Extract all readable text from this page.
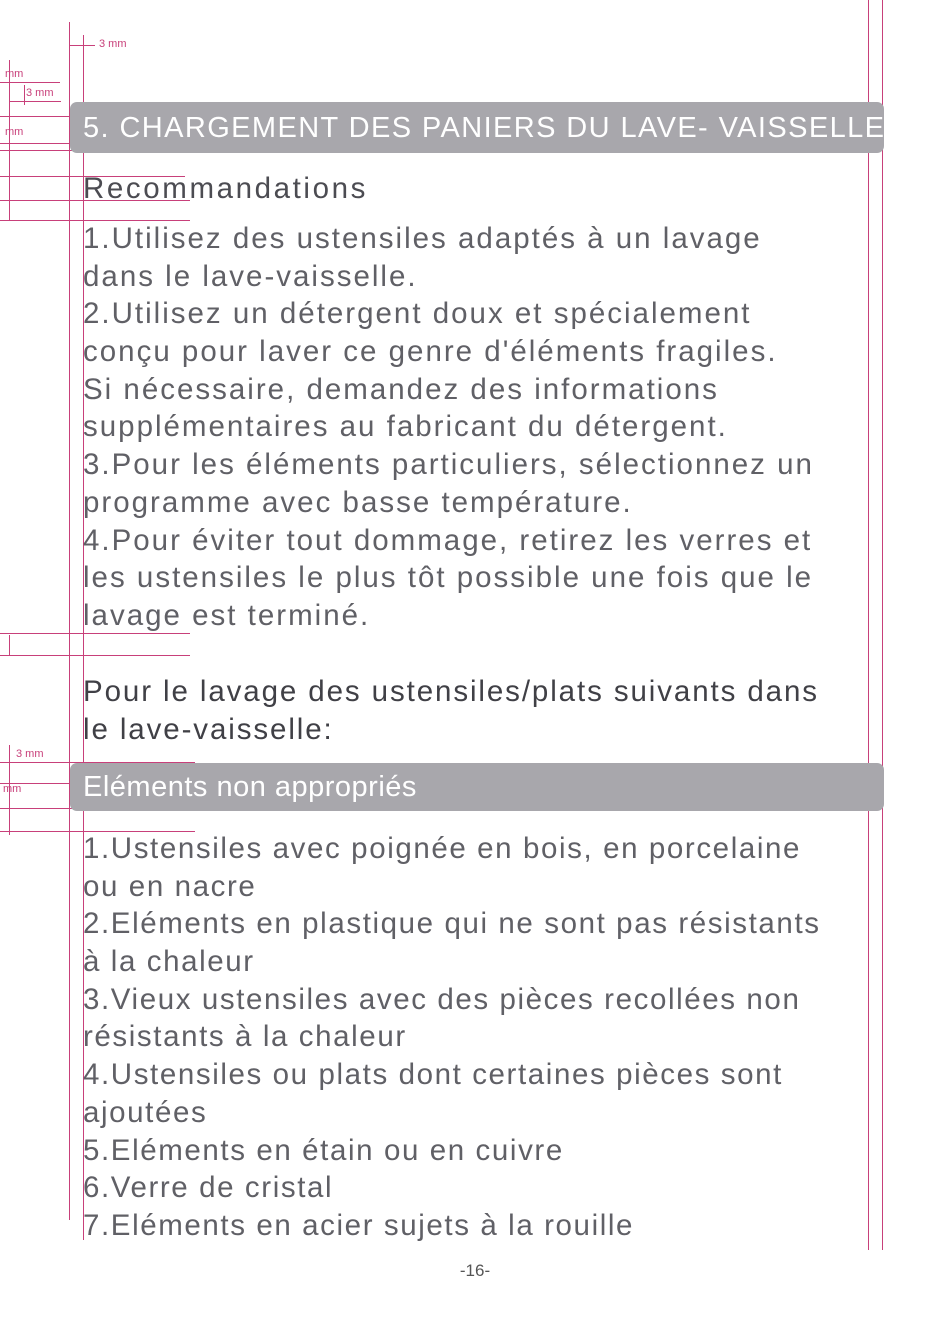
3 mm
mm
3 mm
mm
3 mm
mm
5. CHARGEMENT DES PANIERS DU LAVE- VAISSELLE
Recommandations
1.Utilisez des ustensiles adaptés à un lavage
dans le lave-vaisselle.
2.Utilisez un détergent doux et spécialement
conçu pour laver ce genre d'éléments fragiles.
Si nécessaire, demandez des informations
supplémentaires au fabricant du détergent.
3.Pour les éléments particuliers, sélectionnez un
programme avec basse température.
4.Pour éviter tout dommage, retirez les verres et
les ustensiles le plus tôt possible une fois que le
lavage est terminé.
Pour le lavage des ustensiles/plats suivants dans
le lave-vaisselle:
Eléments non appropriés
1.Ustensiles avec poignée en bois, en porcelaine
ou en nacre
2.Eléments en plastique qui ne sont pas résistants
à la chaleur
3.Vieux ustensiles avec des pièces recollées non
résistants à la chaleur
4.Ustensiles ou plats dont certaines pièces sont
ajoutées
5.Eléments en étain ou en cuivre
6.Verre de cristal
7.Eléments en acier sujets à la rouille
-16-
